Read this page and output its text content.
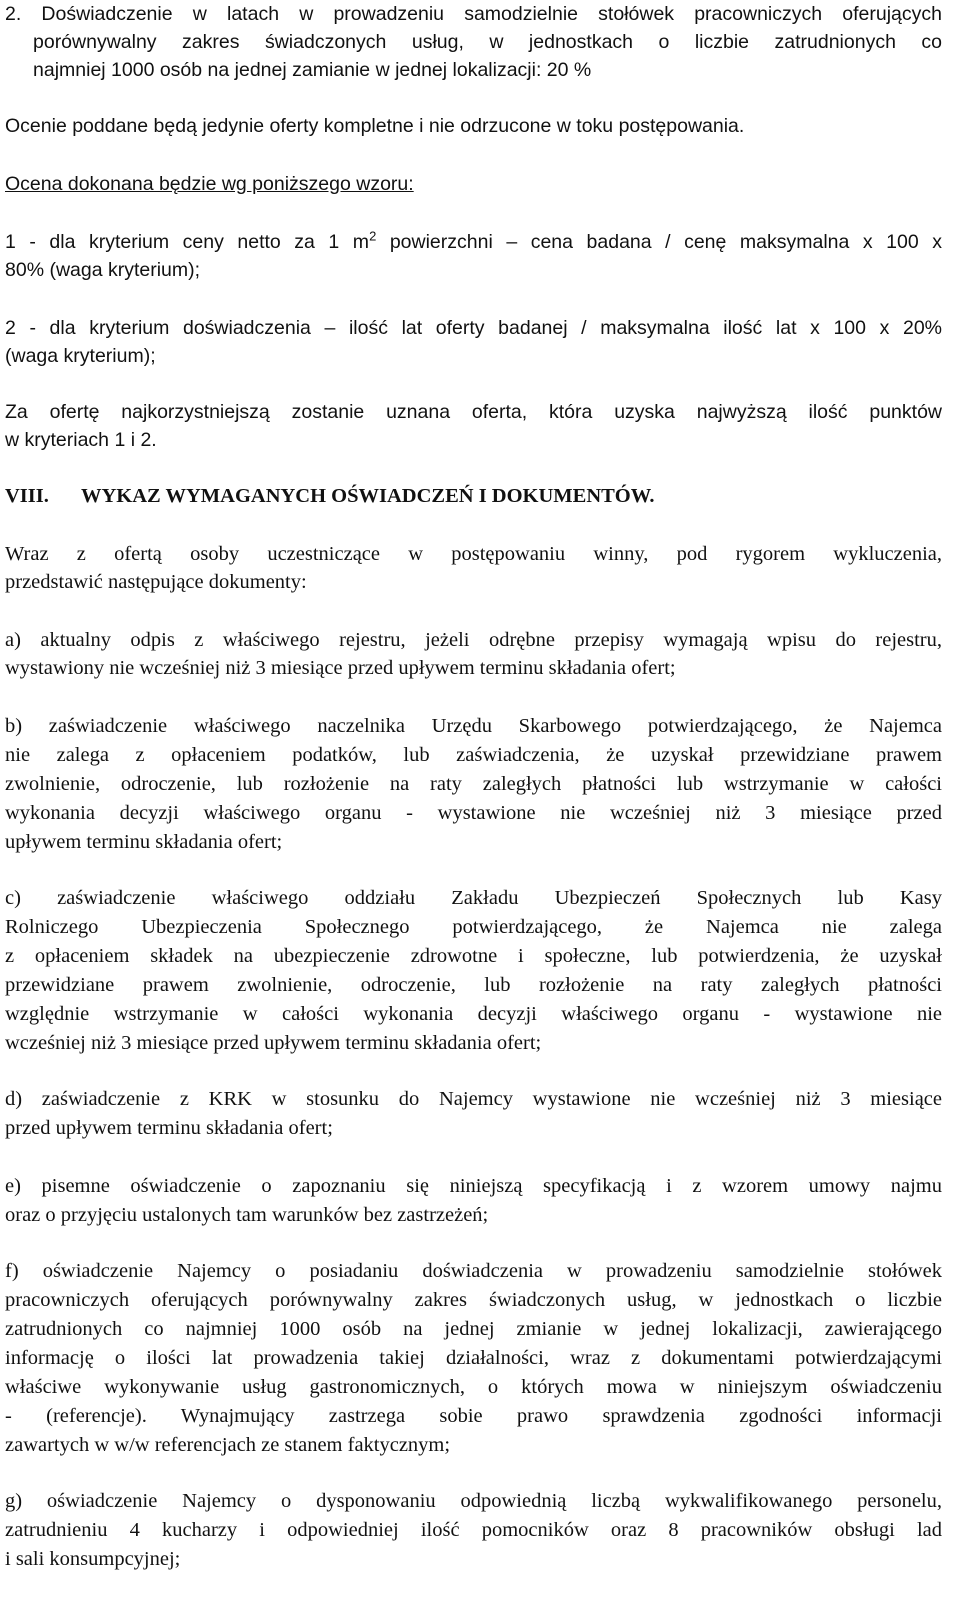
2. Doświadczenie w latach w prowadzeniu samodzielnie stołówek pracowniczych oferujących

porównywalny zakres świadczonych usług, w jednostkach o liczbie zatrudnionych co

najmniej 1000 osób na jednej zamianie w jednej lokalizacji: 20 %

Ocenie poddane będą jedynie oferty kompletne i nie odrzucone w toku postępowania.

Ocena dokonana będzie wg poniższego wzoru:

1 - dla kryterium ceny netto za 1 $m^2$ powierzchni – cena badana / cenę maksymalna x 100 x

80% (waga kryterium);

2 - dla kryterium doświadczenia – ilość lat oferty badanej / maksymalna ilość lat x 100 x 20%

(waga kryterium);

Za ofertę najkorzystniejszą zostanie uznana oferta, która uzyska najwyższą ilość punktów

w kryteriach 1 i 2.

VIII. WYKAZ WYMAGANYCH OŚWIADCZEŃ I DOKUMENTÓW.

Wraz z ofertą osoby uczestniczące w postępowaniu winny, pod rygorem wykluczenia,

przedstawić następujące dokumenty:

a) aktualny odpis z właściwego rejestru, jeżeli odrębne przepisy wymagają wpisu do rejestru,

wystawiony nie wcześniej niż 3 miesiące przed upływem terminu składania ofert;

b) zaświadczenie właściwego naczelnika Urzędu Skarbowego potwierdzającego, że Najemca

nie zalega z opłaceniem podatków, lub zaświadczenia, że uzyskał przewidziane prawem

zwolnienie, odroczenie, lub rozłożenie na raty zaległych płatności lub wstrzymanie w całości

wykonania decyzji właściwego organu - wystawione nie wcześniej niż 3 miesiące przed

upływem terminu składania ofert;

c) zaświadczenie właściwego oddziału Zakładu Ubezpieczeń Społecznych lub Kasy

Rolniczego Ubezpieczenia Społecznego potwierdzającego, że Najemca nie zalega

z opłaceniem składek na ubezpieczenie zdrowotne i społeczne, lub potwierdzenia, że uzyskał

przewidziane prawem zwolnienie, odroczenie, lub rozłożenie na raty zaległych płatności

względnie wstrzymanie w całości wykonania decyzji właściwego organu - wystawione nie

wcześniej niż 3 miesiące przed upływem terminu składania ofert;

d) zaświadczenie z KRK w stosunku do Najemcy wystawione nie wcześniej niż 3 miesiące

przed upływem terminu składania ofert;

e) pisemne oświadczenie o zapoznaniu się niniejszą specyfikacją i z wzorem umowy najmu

oraz o przyjęciu ustalonych tam warunków bez zastrzeżeń;

f) oświadczenie Najemcy o posiadaniu doświadczenia w prowadzeniu samodzielnie stołówek

pracowniczych oferujących porównywalny zakres świadczonych usług, w jednostkach o liczbie

zatrudnionych co najmniej 1000 osób na jednej zmianie w jednej lokalizacji, zawierającego

informację o ilości lat prowadzenia takiej działalności, wraz z dokumentami potwierdzającymi

właściwe wykonywanie usług gastronomicznych, o których mowa w niniejszym oświadczeniu

- (referencje). Wynajmujący zastrzega sobie prawo sprawdzenia zgodności informacji

zawartych w w/w referencjach ze stanem faktycznym;

g) oświadczenie Najemcy o dysponowaniu odpowiednią liczbą wykwalifikowanego personelu,

zatrudnieniu 4 kucharzy i odpowiedniej ilość pomocników oraz 8 pracowników obsługi lad

i sali konsumpcyjnej;
